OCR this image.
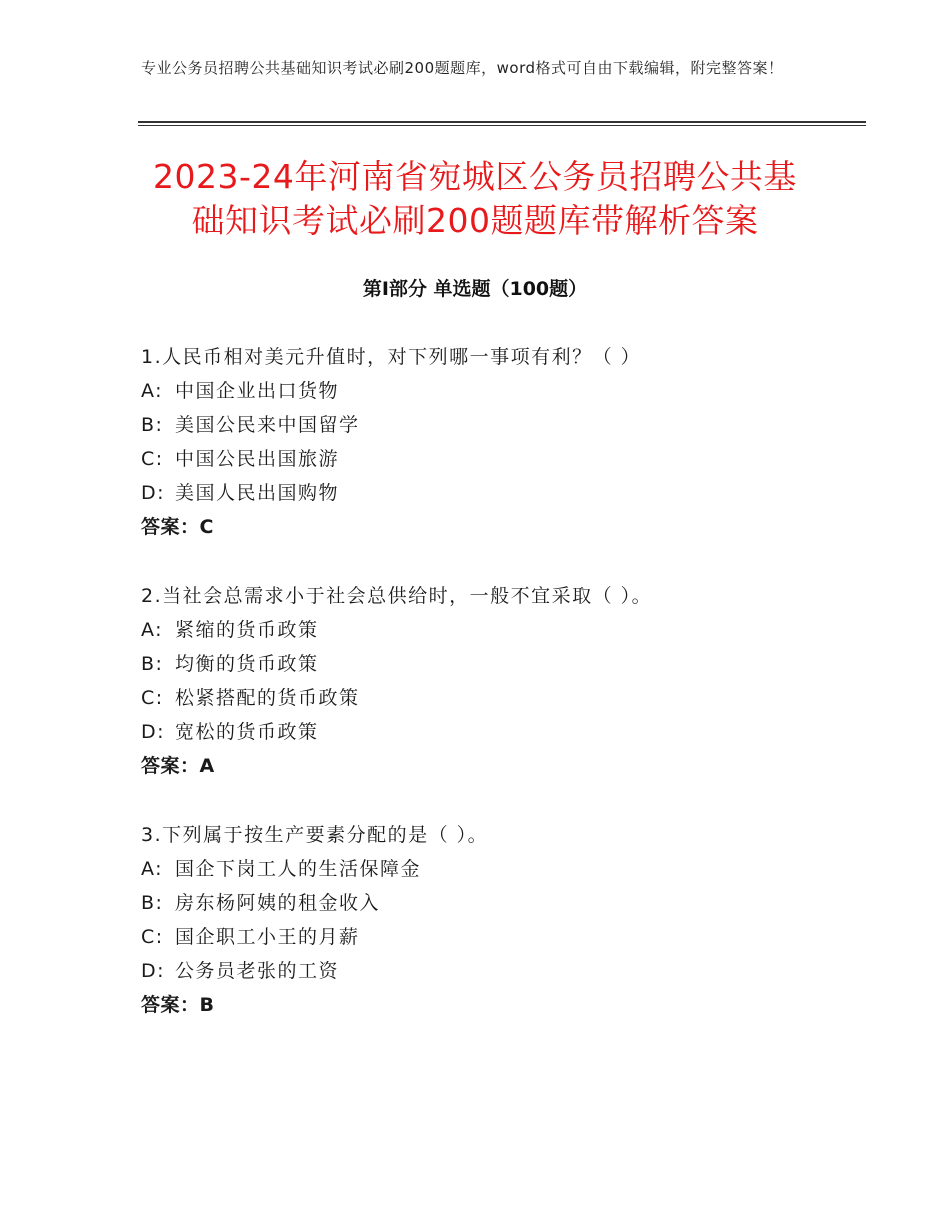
专业公务员招聘公共基础知识考试必刷200题题库，word格式可自由下载编辑，附完整答案！
2023-24年河南省宛城区公务员招聘公共基
础知识考试必刷200题题库带解析答案
第Ⅰ部分 单选题（100题）
1.人民币相对美元升值时，对下列哪一事项有利？（ ）
A: 中国企业出口货物
B: 美国公民来中国留学
C: 中国公民出国旅游
D: 美国人民出国购物
答案：C
2.当社会总需求小于社会总供给时，一般不宜采取（ ）。
A: 紧缩的货币政策
B: 均衡的货币政策
C: 松紧搭配的货币政策
D: 宽松的货币政策
答案：A
3.下列属于按生产要素分配的是（ ）。
A: 国企下岗工人的生活保障金
B: 房东杨阿姨的租金收入
C: 国企职工小王的月薪
D: 公务员老张的工资
答案：B
